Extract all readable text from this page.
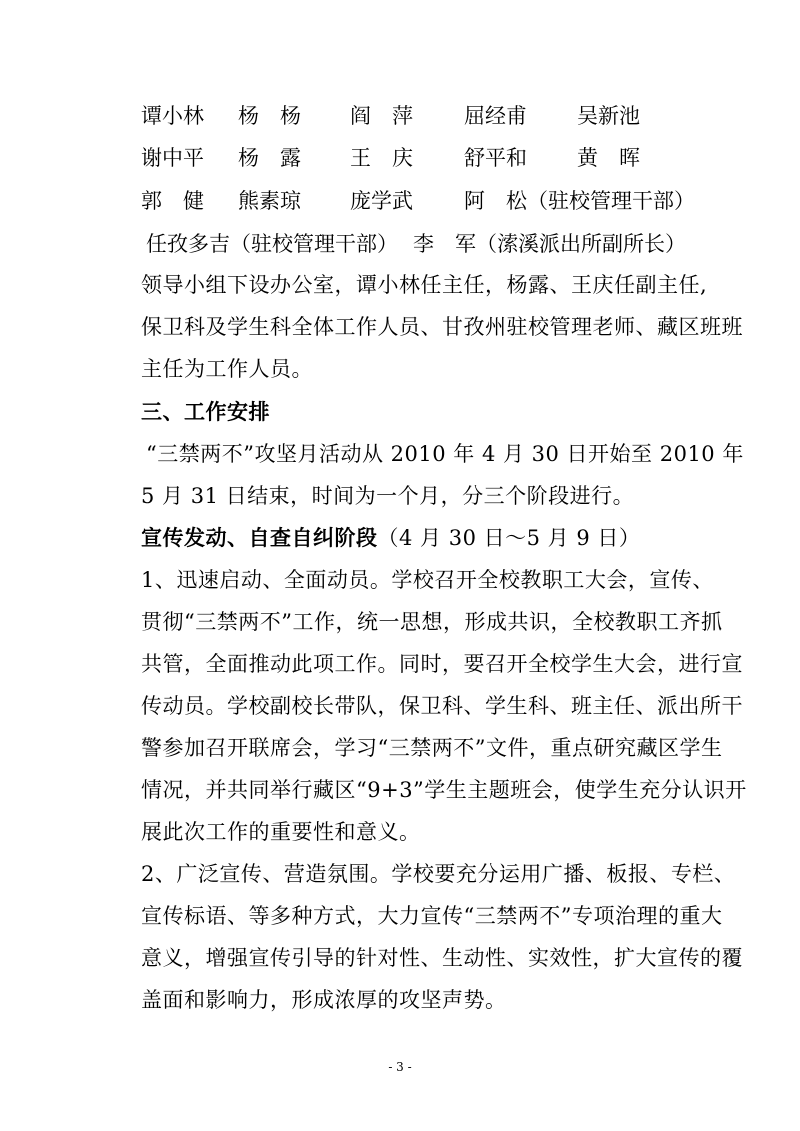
谭小林 杨　杨 阎　萍 屈经甫 吴新池
谢中平 杨　露 王　庆 舒平和 黄　晖
郭　健 熊素琼 庞学武 阿　松（驻校管理干部）
任孜多吉（驻校管理干部） 李　军（溹溪派出所副所长）
领导小组下设办公室，谭小林任主任，杨露、王庆任副主任,
保卫科及学生科全体工作人员、甘孜州驻校管理老师、藏区班班
主任为工作人员。
三、工作安排
“三禁两不”攻坚月活动从 2010 年 4 月 30 日开始至 2010 年
5 月 31 日结束，时间为一个月，分三个阶段进行。
宣传发动、自查自纠阶段（4 月 30 日～5 月 9 日）
1、迅速启动、全面动员。学校召开全校教职工大会，宣传、
贯彻“三禁两不”工作，统一思想，形成共识，全校教职工齐抓
共管，全面推动此项工作。同时，要召开全校学生大会，进行宣
传动员。学校副校长带队，保卫科、学生科、班主任、派出所干
警参加召开联席会，学习“三禁两不”文件，重点研究藏区学生
情况，并共同举行藏区“9+3”学生主题班会，使学生充分认识开
展此次工作的重要性和意义。
2、广泛宣传、营造氛围。学校要充分运用广播、板报、专栏、
宣传标语、等多种方式，大力宣传“三禁两不”专项治理的重大
意义，增强宣传引导的针对性、生动性、实效性，扩大宣传的覆
盖面和影响力，形成浓厚的攻坚声势。
- 3 -
